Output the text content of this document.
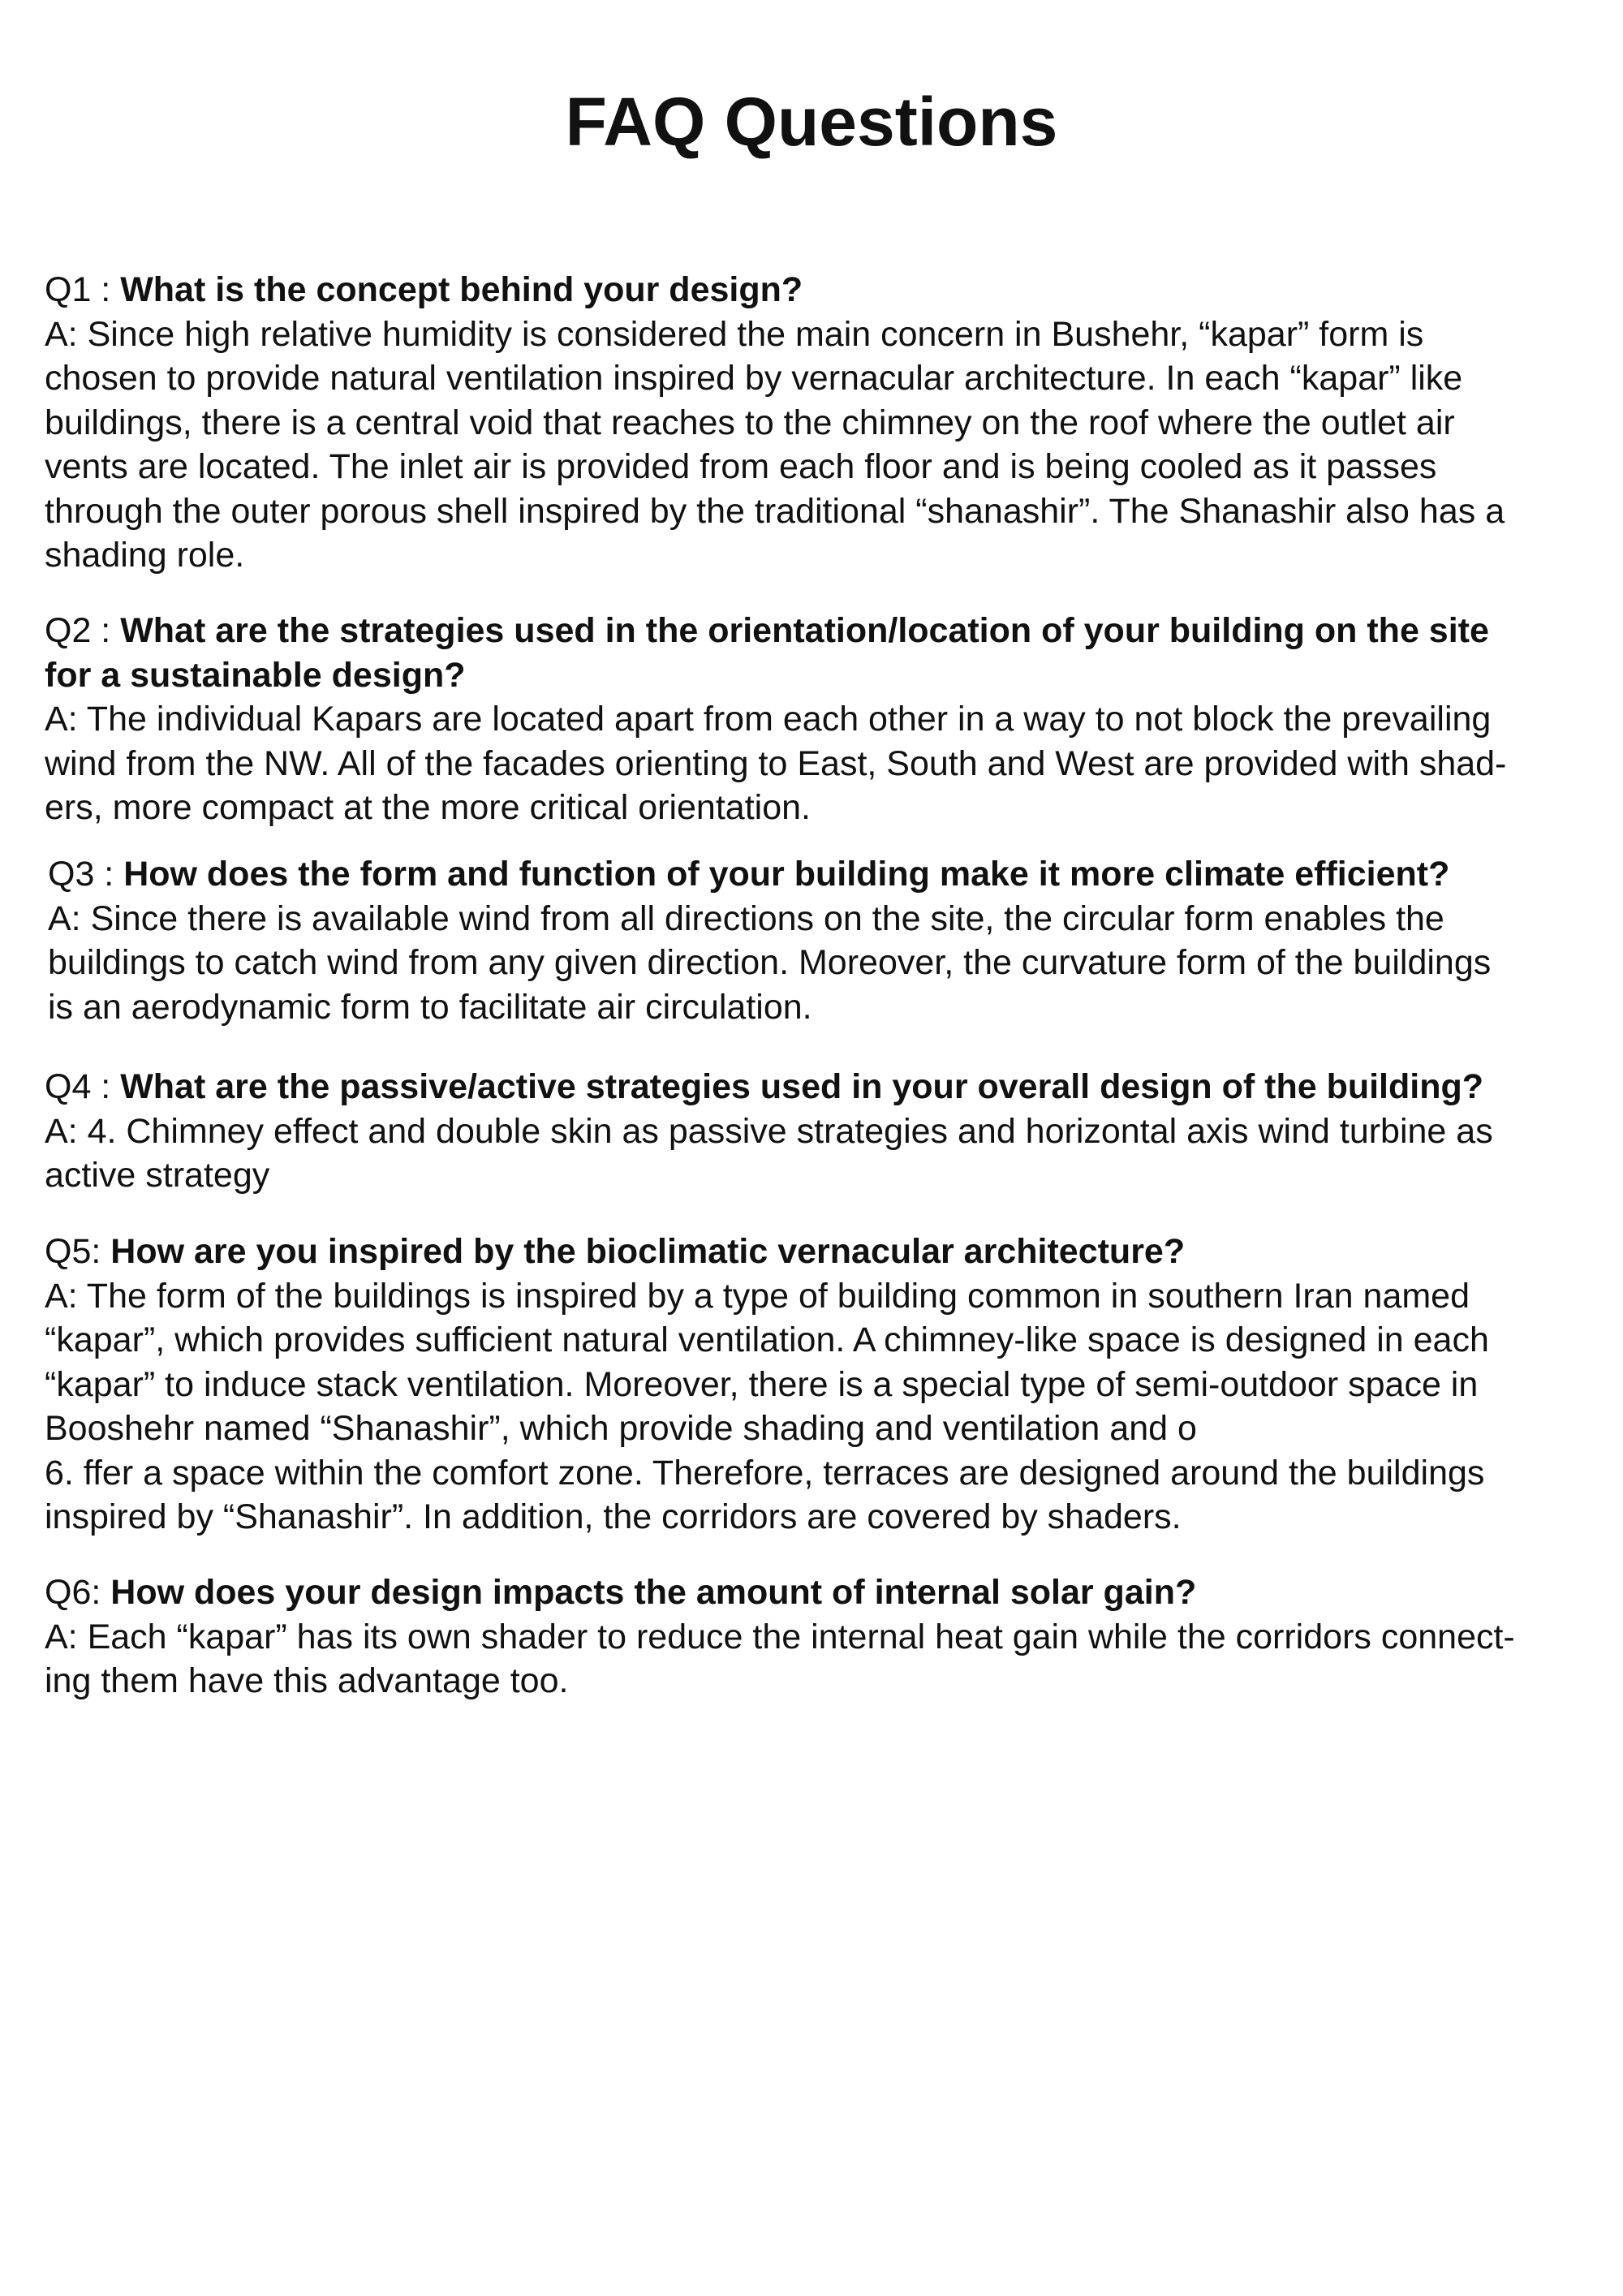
FAQ Questions

Q1 : What is the concept behind your design?

A: Since high relative humidity is considered the main concern in Bushehr, “kapar” form is

chosen to provide natural ventilation inspired by vernacular architecture. In each “kapar” like

buildings, there is a central void that reaches to the chimney on the roof where the outlet air

vents are located. The inlet air is provided from each floor and is being cooled as it passes

through the outer porous shell inspired by the traditional “shanashir”. The Shanashir also has a

shading role.

Q2 : What are the strategies used in the orientation/location of your building on the site

for a sustainable design?

A: The individual Kapars are located apart from each other in a way to not block the prevailing

wind from the NW. All of the facades orienting to East, South and West are provided with shad-

ers, more compact at the more critical orientation.

Q3 : How does the form and function of your building make it more climate efficient?

A: Since there is available wind from all directions on the site, the circular form enables the

buildings to catch wind from any given direction. Moreover, the curvature form of the buildings

is an aerodynamic form to facilitate air circulation.

Q4 : What are the passive/active strategies used in your overall design of the building?

A: 4. Chimney effect and double skin as passive strategies and horizontal axis wind turbine as

active strategy

Q5: How are you inspired by the bioclimatic vernacular architecture?

A: The form of the buildings is inspired by a type of building common in southern Iran named

“kapar”, which provides sufficient natural ventilation. A chimney-like space is designed in each

“kapar” to induce stack ventilation. Moreover, there is a special type of semi-outdoor space in

Booshehr named “Shanashir”, which provide shading and ventilation and o

6. ffer a space within the comfort zone. Therefore, terraces are designed around the buildings

inspired by “Shanashir”. In addition, the corridors are covered by shaders.

Q6: How does your design impacts the amount of internal solar gain?

A: Each “kapar” has its own shader to reduce the internal heat gain while the corridors connect-

ing them have this advantage too.
